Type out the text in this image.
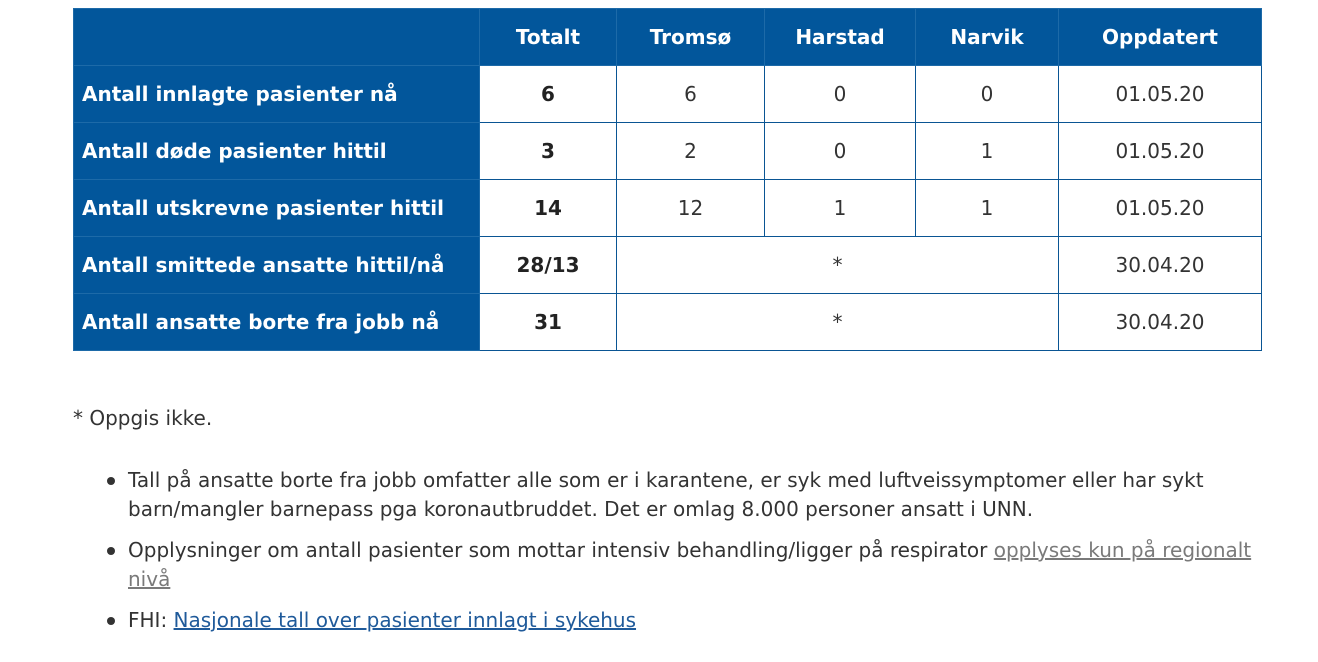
	Totalt	Tromsø	Harstad	Narvik	Oppdatert
Antall innlagte pasienter nå	6	6	0	0	01.05.20
Antall døde pasienter hittil	3	2	0	1	01.05.20
Antall utskrevne pasienter hittil	14	12	1	1	01.05.20
Antall smittede ansatte hittil/nå	28/13	*			30.04.20
Antall ansatte borte fra jobb nå	31	*			30.04.20

* Oppgis ikke.

Tall på ansatte borte fra jobb omfatter alle som er i karantene, er syk med luftveissymptomer eller har sykt barn/mangler barnepass pga koronautbruddet. Det er omlag 8.000 personer ansatt i UNN.
Opplysninger om antall pasienter som mottar intensiv behandling/ligger på respirator opplyses kun på regionalt nivå
FHI: Nasjonale tall over pasienter innlagt i sykehus
